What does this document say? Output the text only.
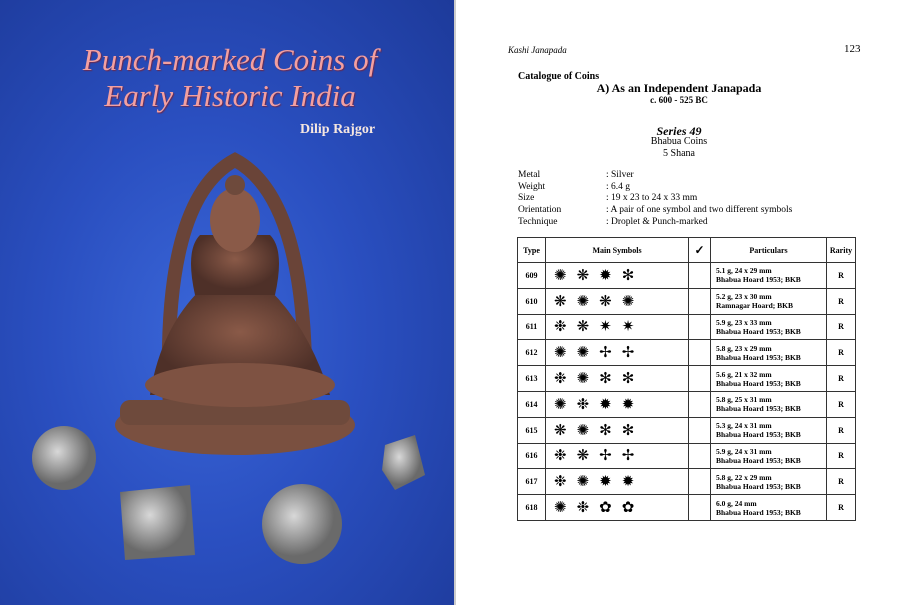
Punch-marked Coins of
Early Historic India
Dilip Rajgor
Kashi Janapada	123
Catalogue of Coins
A) As an Independent Janapada
c. 600 - 525 BC
Series 49
Bhabua Coins
5 Shana
Metal	: Silver
Weight	: 6.4 g
Size	: 19 x 23 to 24 x 33 mm
Orientation	: A pair of one symbol and two different symbols
Technique	: Droplet & Punch-marked
Type	Main Symbols	✓	Particulars	Rarity
609	✺❋✹✻		5.1 g, 24 x 29 mm
Bhabua Hoard 1953; BKB	R
610	❋✺❋✺		5.2 g, 23 x 30 mm
Ramnagar Hoard; BKB	R
611	❉❋✷✷		5.9 g, 23 x 33 mm
Bhabua Hoard 1953; BKB	R
612	✺✺✢✢		5.8 g, 23 x 29 mm
Bhabua Hoard 1953; BKB	R
613	❉✺✻✻		5.6 g, 21 x 32 mm
Bhabua Hoard 1953; BKB	R
614	✺❉✹✹		5.8 g, 25 x 31 mm
Bhabua Hoard 1953; BKB	R
615	❋✺✻✻		5.3 g, 24 x 31 mm
Bhabua Hoard 1953; BKB	R
616	❉❋✢✢		5.9 g, 24 x 31 mm
Bhabua Hoard 1953; BKB	R
617	❉✺✹✹		5.8 g, 22 x 29 mm
Bhabua Hoard 1953; BKB	R
618	✺❉✿✿		6.0 g, 24 mm
Bhabua Hoard 1953; BKB	R
